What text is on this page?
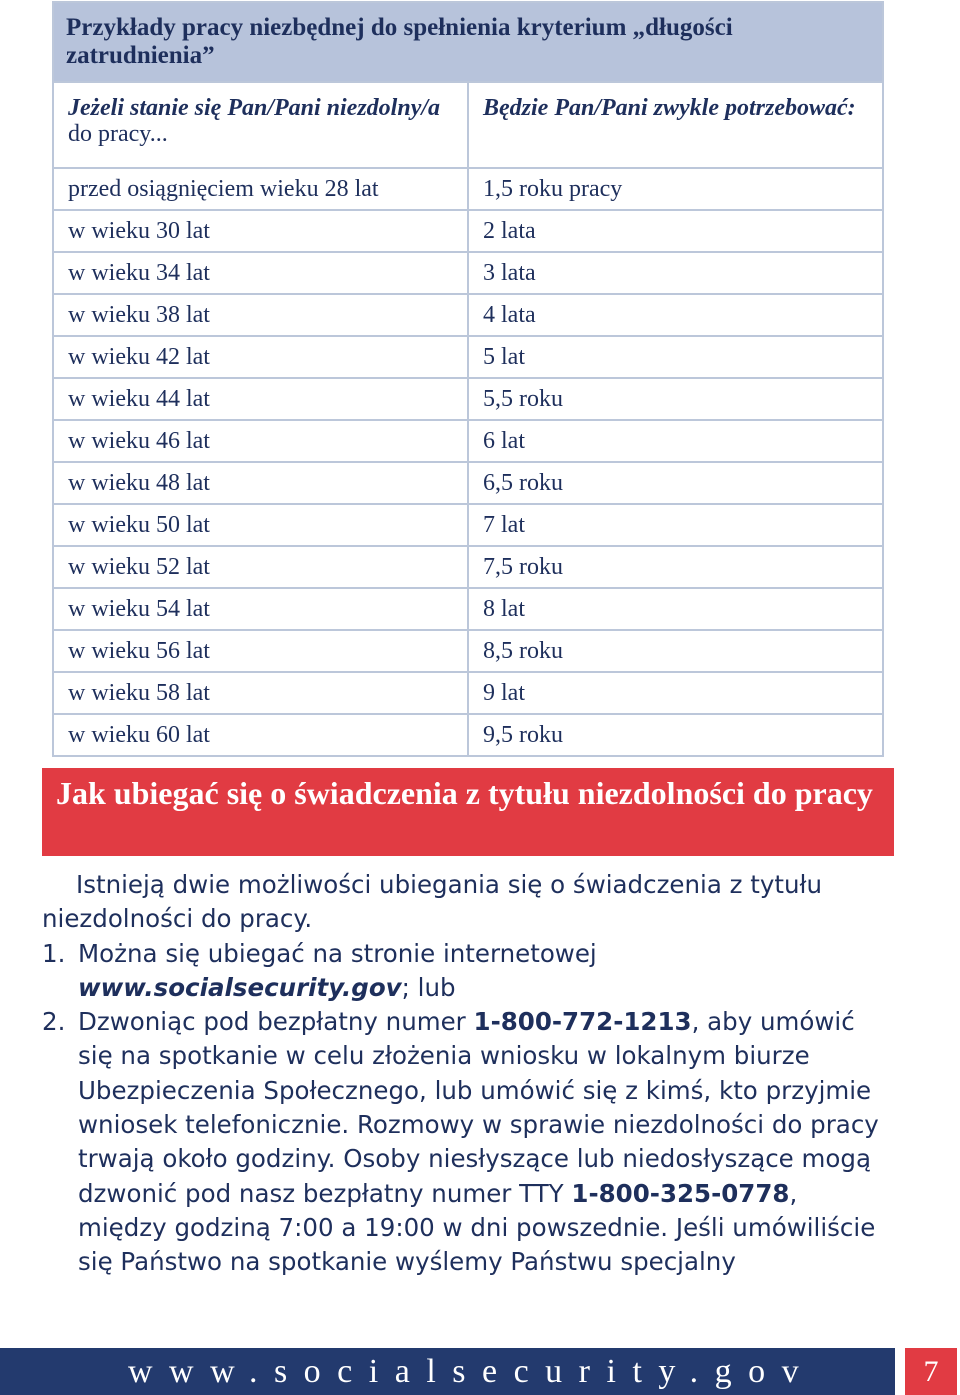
Przykłady pracy niezbędnej do spełnienia kryterium „długości zatrudnienia”	
Jeżeli stanie się Pan/Pani niezdolny/a
do pracy...	Będzie Pan/Pani zwykle potrzebować:
przed osiągnięciem wieku 28 lat	1,5 roku pracy
w wieku 30 lat	2 lata
w wieku 34 lat	3 lata
w wieku 38 lat	4 lata
w wieku 42 lat	5 lat
w wieku 44 lat	5,5 roku
w wieku 46 lat	6 lat
w wieku 48 lat	6,5 roku
w wieku 50 lat	7 lat
w wieku 52 lat	7,5 roku
w wieku 54 lat	8 lat
w wieku 56 lat	8,5 roku
w wieku 58 lat	9 lat
w wieku 60 lat	9,5 roku
Jak ubiegać się o świadczenia z tytułu niezdolności do pracy

Istnieją dwie możliwości ubiegania się o świadczenia z tytułu niezdolności do pracy.

1. Można się ubiegać na stronie internetowej
www.socialsecurity.gov; lub
2. Dzwoniąc pod bezpłatny numer 1-800-772-1213, aby umówić się na spotkanie w celu złożenia wniosku w lokalnym biurze Ubezpieczenia Społecznego, lub umówić się z kimś, kto przyjmie wniosek telefonicznie. Rozmowy w sprawie niezdolności do pracy trwają około godziny. Osoby niesłyszące lub niedosłyszące mogą dzwonić pod nasz bezpłatny numer TTY 1-800-325-0778, między godziną 7:00 a 19:00 w dni powszednie. Jeśli umówiliście się Państwo na spotkanie wyślemy Państwu specjalny
www.socialsecurity.gov	7
